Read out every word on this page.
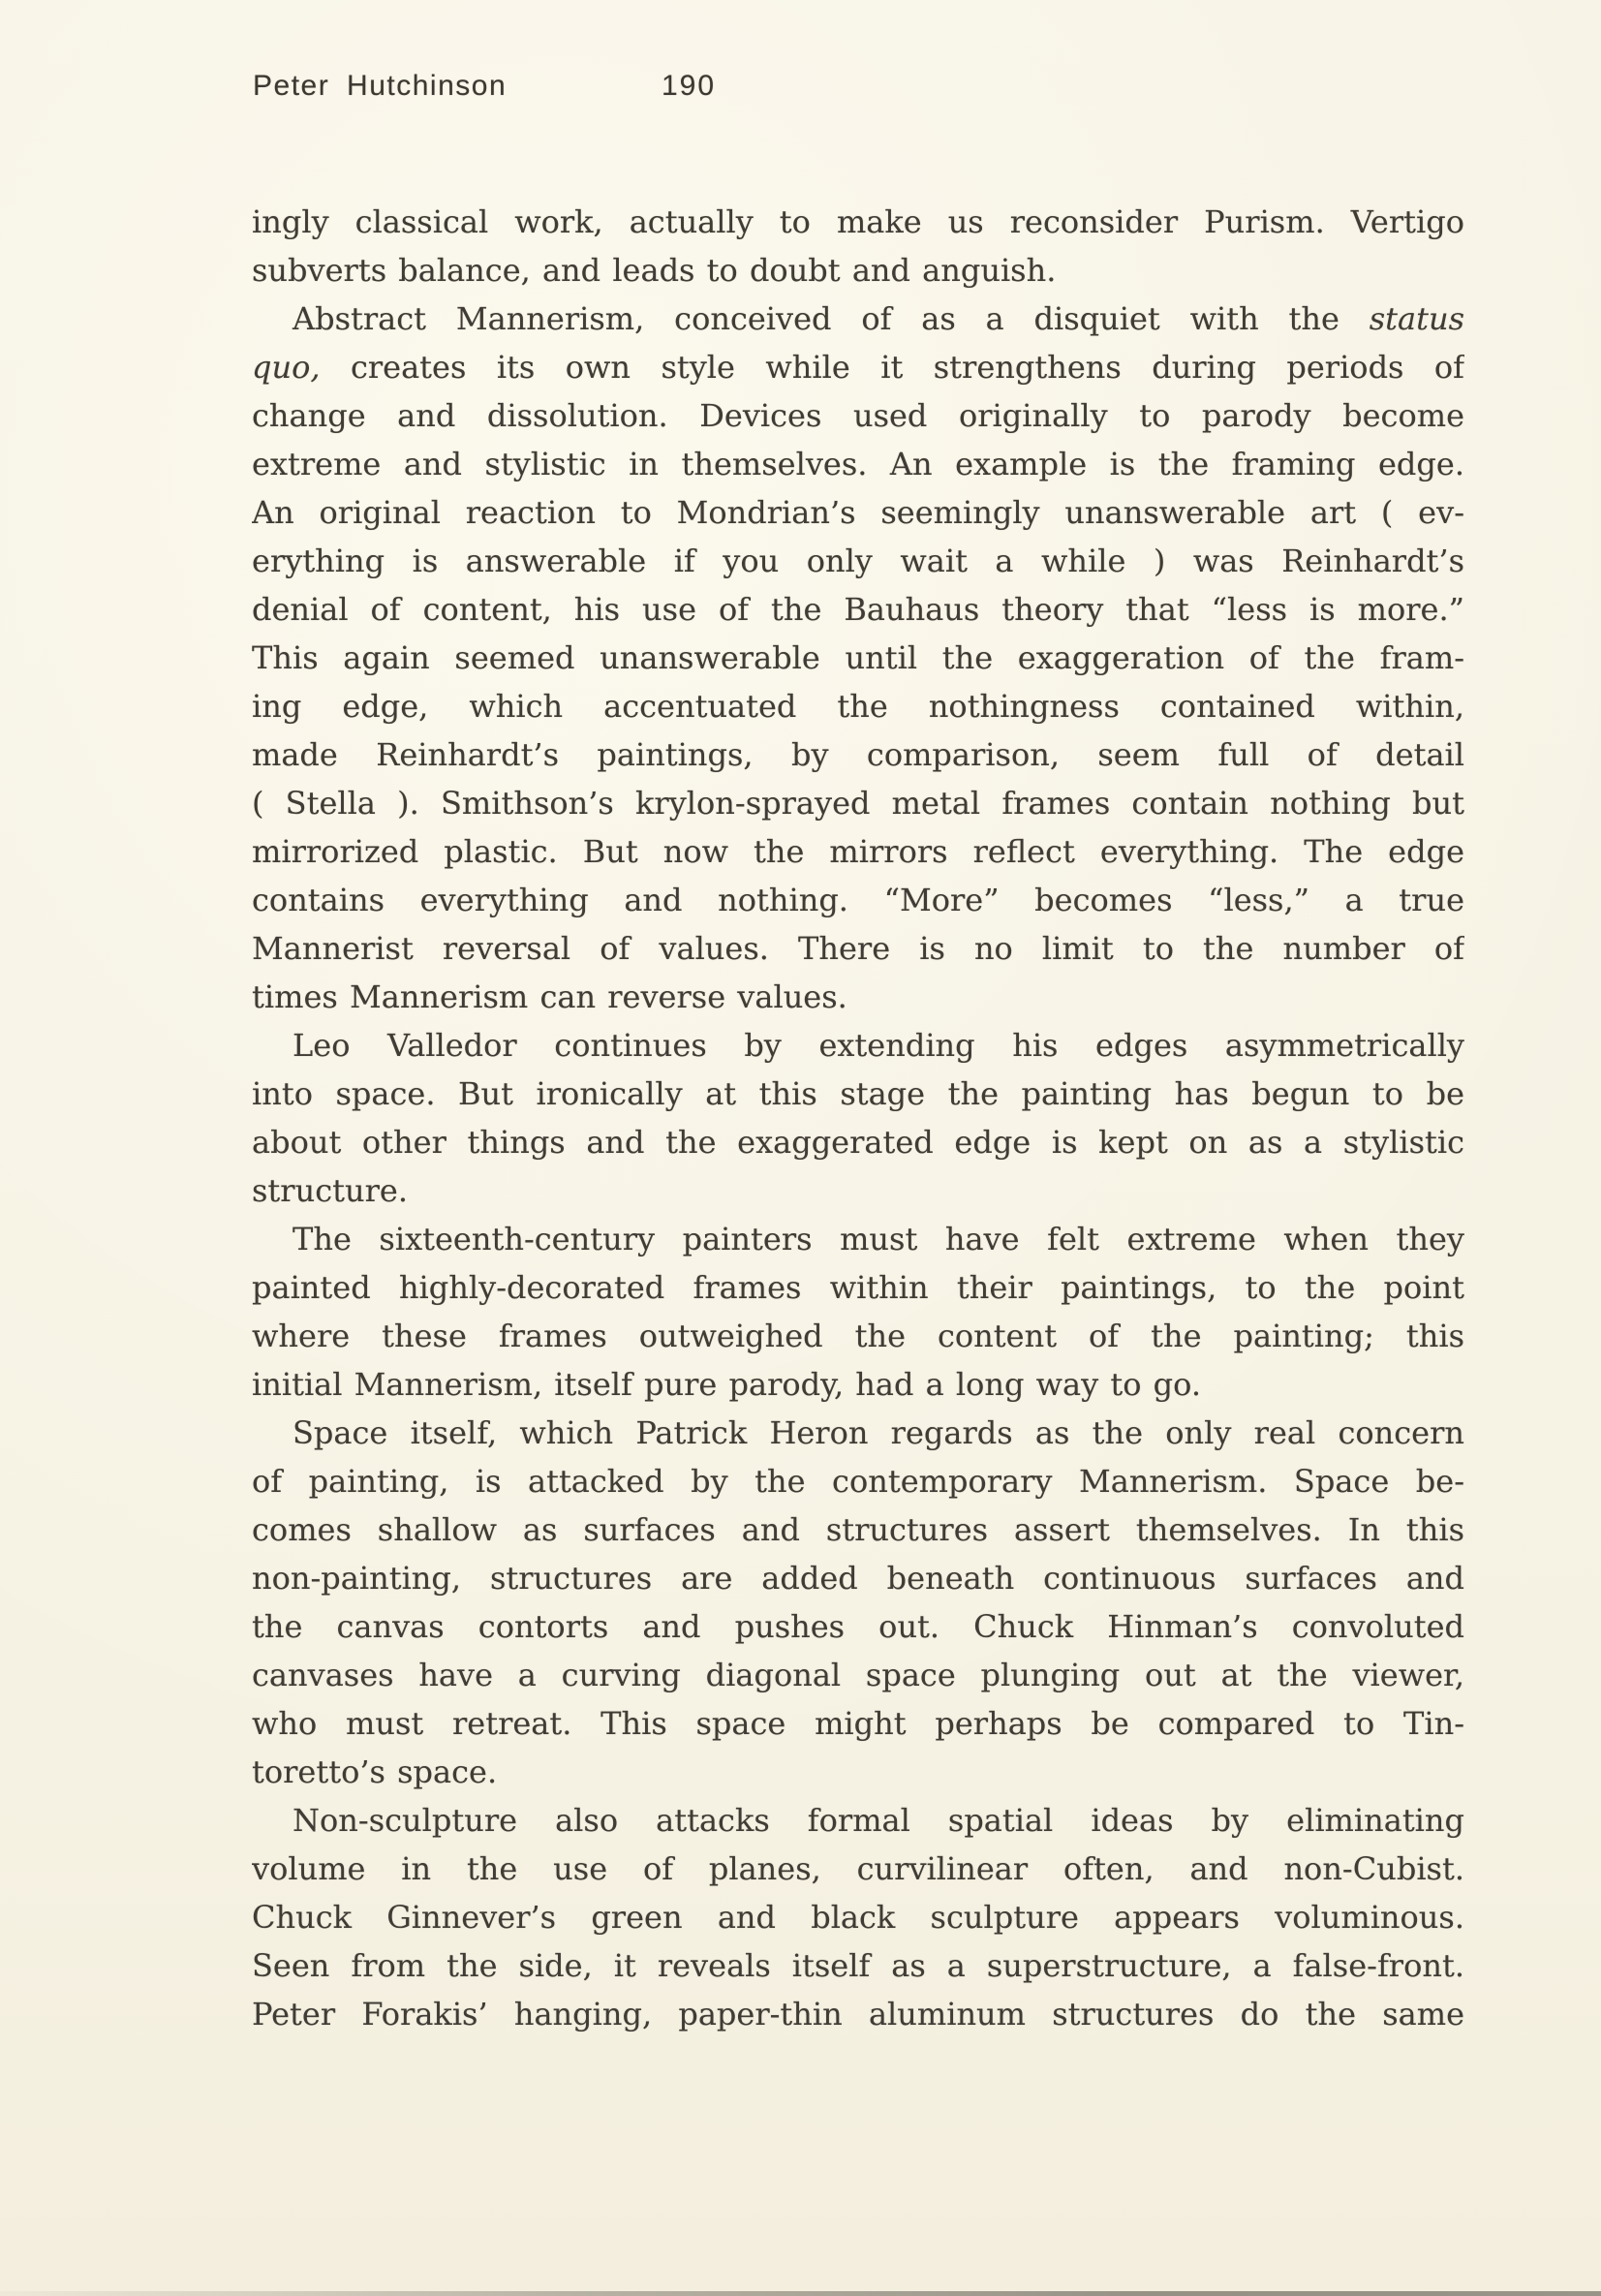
Peter Hutchinson	190
ingly classical work, actually to make us reconsider Purism. Vertigo
subverts balance, and leads to doubt and anguish.
Abstract Mannerism, conceived of as a disquiet with the status
quo, creates its own style while it strengthens during periods of
change and dissolution. Devices used originally to parody become
extreme and stylistic in themselves. An example is the framing edge.
An original reaction to Mondrian’s seemingly unanswerable art ( ev-
erything is answerable if you only wait a while ) was Reinhardt’s
denial of content, his use of the Bauhaus theory that “less is more.”
This again seemed unanswerable until the exaggeration of the fram-
ing edge, which accentuated the nothingness contained within,
made Reinhardt’s paintings, by comparison, seem full of detail
( Stella ). Smithson’s krylon-sprayed metal frames contain nothing but
mirrorized plastic. But now the mirrors reflect everything. The edge
contains everything and nothing. “More” becomes “less,” a true
Mannerist reversal of values. There is no limit to the number of
times Mannerism can reverse values.
Leo Valledor continues by extending his edges asymmetrically
into space. But ironically at this stage the painting has begun to be
about other things and the exaggerated edge is kept on as a stylistic
structure.
The sixteenth-century painters must have felt extreme when they
painted highly-decorated frames within their paintings, to the point
where these frames outweighed the content of the painting; this
initial Mannerism, itself pure parody, had a long way to go.
Space itself, which Patrick Heron regards as the only real concern
of painting, is attacked by the contemporary Mannerism. Space be-
comes shallow as surfaces and structures assert themselves. In this
non-painting, structures are added beneath continuous surfaces and
the canvas contorts and pushes out. Chuck Hinman’s convoluted
canvases have a curving diagonal space plunging out at the viewer,
who must retreat. This space might perhaps be compared to Tin-
toretto’s space.
Non-sculpture also attacks formal spatial ideas by eliminating
volume in the use of planes, curvilinear often, and non-Cubist.
Chuck Ginnever’s green and black sculpture appears voluminous.
Seen from the side, it reveals itself as a superstructure, a false-front.
Peter Forakis’ hanging, paper-thin aluminum structures do the same
